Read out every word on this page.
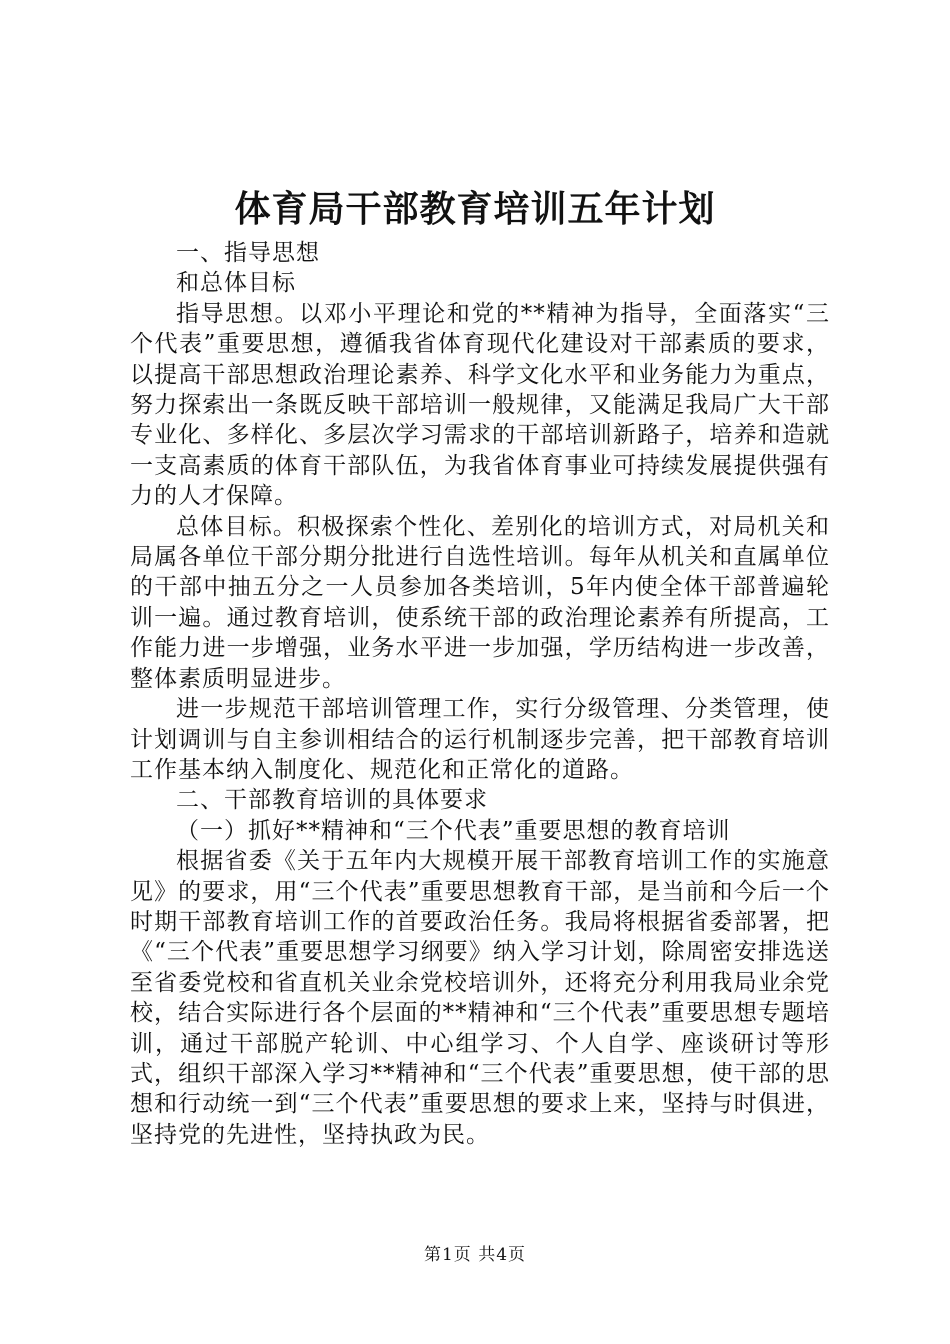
体育局干部教育培训五年计划

一、指导思想

和总体目标

指导思想。以邓小平理论和党的**精神为指导，全面落实“三个代表”重要思想，遵循我省体育现代化建设对干部素质的要求，以提高干部思想政治理论素养、科学文化水平和业务能力为重点，努力探索出一条既反映干部培训一般规律，又能满足我局广大干部专业化、多样化、多层次学习需求的干部培训新路子，培养和造就一支高素质的体育干部队伍，为我省体育事业可持续发展提供强有力的人才保障。

总体目标。积极探索个性化、差别化的培训方式，对局机关和局属各单位干部分期分批进行自选性培训。每年从机关和直属单位的干部中抽五分之一人员参加各类培训，5年内使全体干部普遍轮训一遍。通过教育培训，使系统干部的政治理论素养有所提高，工作能力进一步增强，业务水平进一步加强，学历结构进一步改善，整体素质明显进步。

进一步规范干部培训管理工作，实行分级管理、分类管理，使计划调训与自主参训相结合的运行机制逐步完善，把干部教育培训工作基本纳入制度化、规范化和正常化的道路。

二、干部教育培训的具体要求

（一）抓好**精神和“三个代表”重要思想的教育培训

根据省委《关于五年内大规模开展干部教育培训工作的实施意见》的要求，用“三个代表”重要思想教育干部，是当前和今后一个时期干部教育培训工作的首要政治任务。我局将根据省委部署，把《“三个代表”重要思想学习纲要》纳入学习计划，除周密安排选送至省委党校和省直机关业余党校培训外，还将充分利用我局业余党校，结合实际进行各个层面的**精神和“三个代表”重要思想专题培训，通过干部脱产轮训、中心组学习、个人自学、座谈研讨等形式，组织干部深入学习**精神和“三个代表”重要思想，使干部的思想和行动统一到“三个代表”重要思想的要求上来，坚持与时俱进，坚持党的先进性，坚持执政为民。

第1页 共4页
